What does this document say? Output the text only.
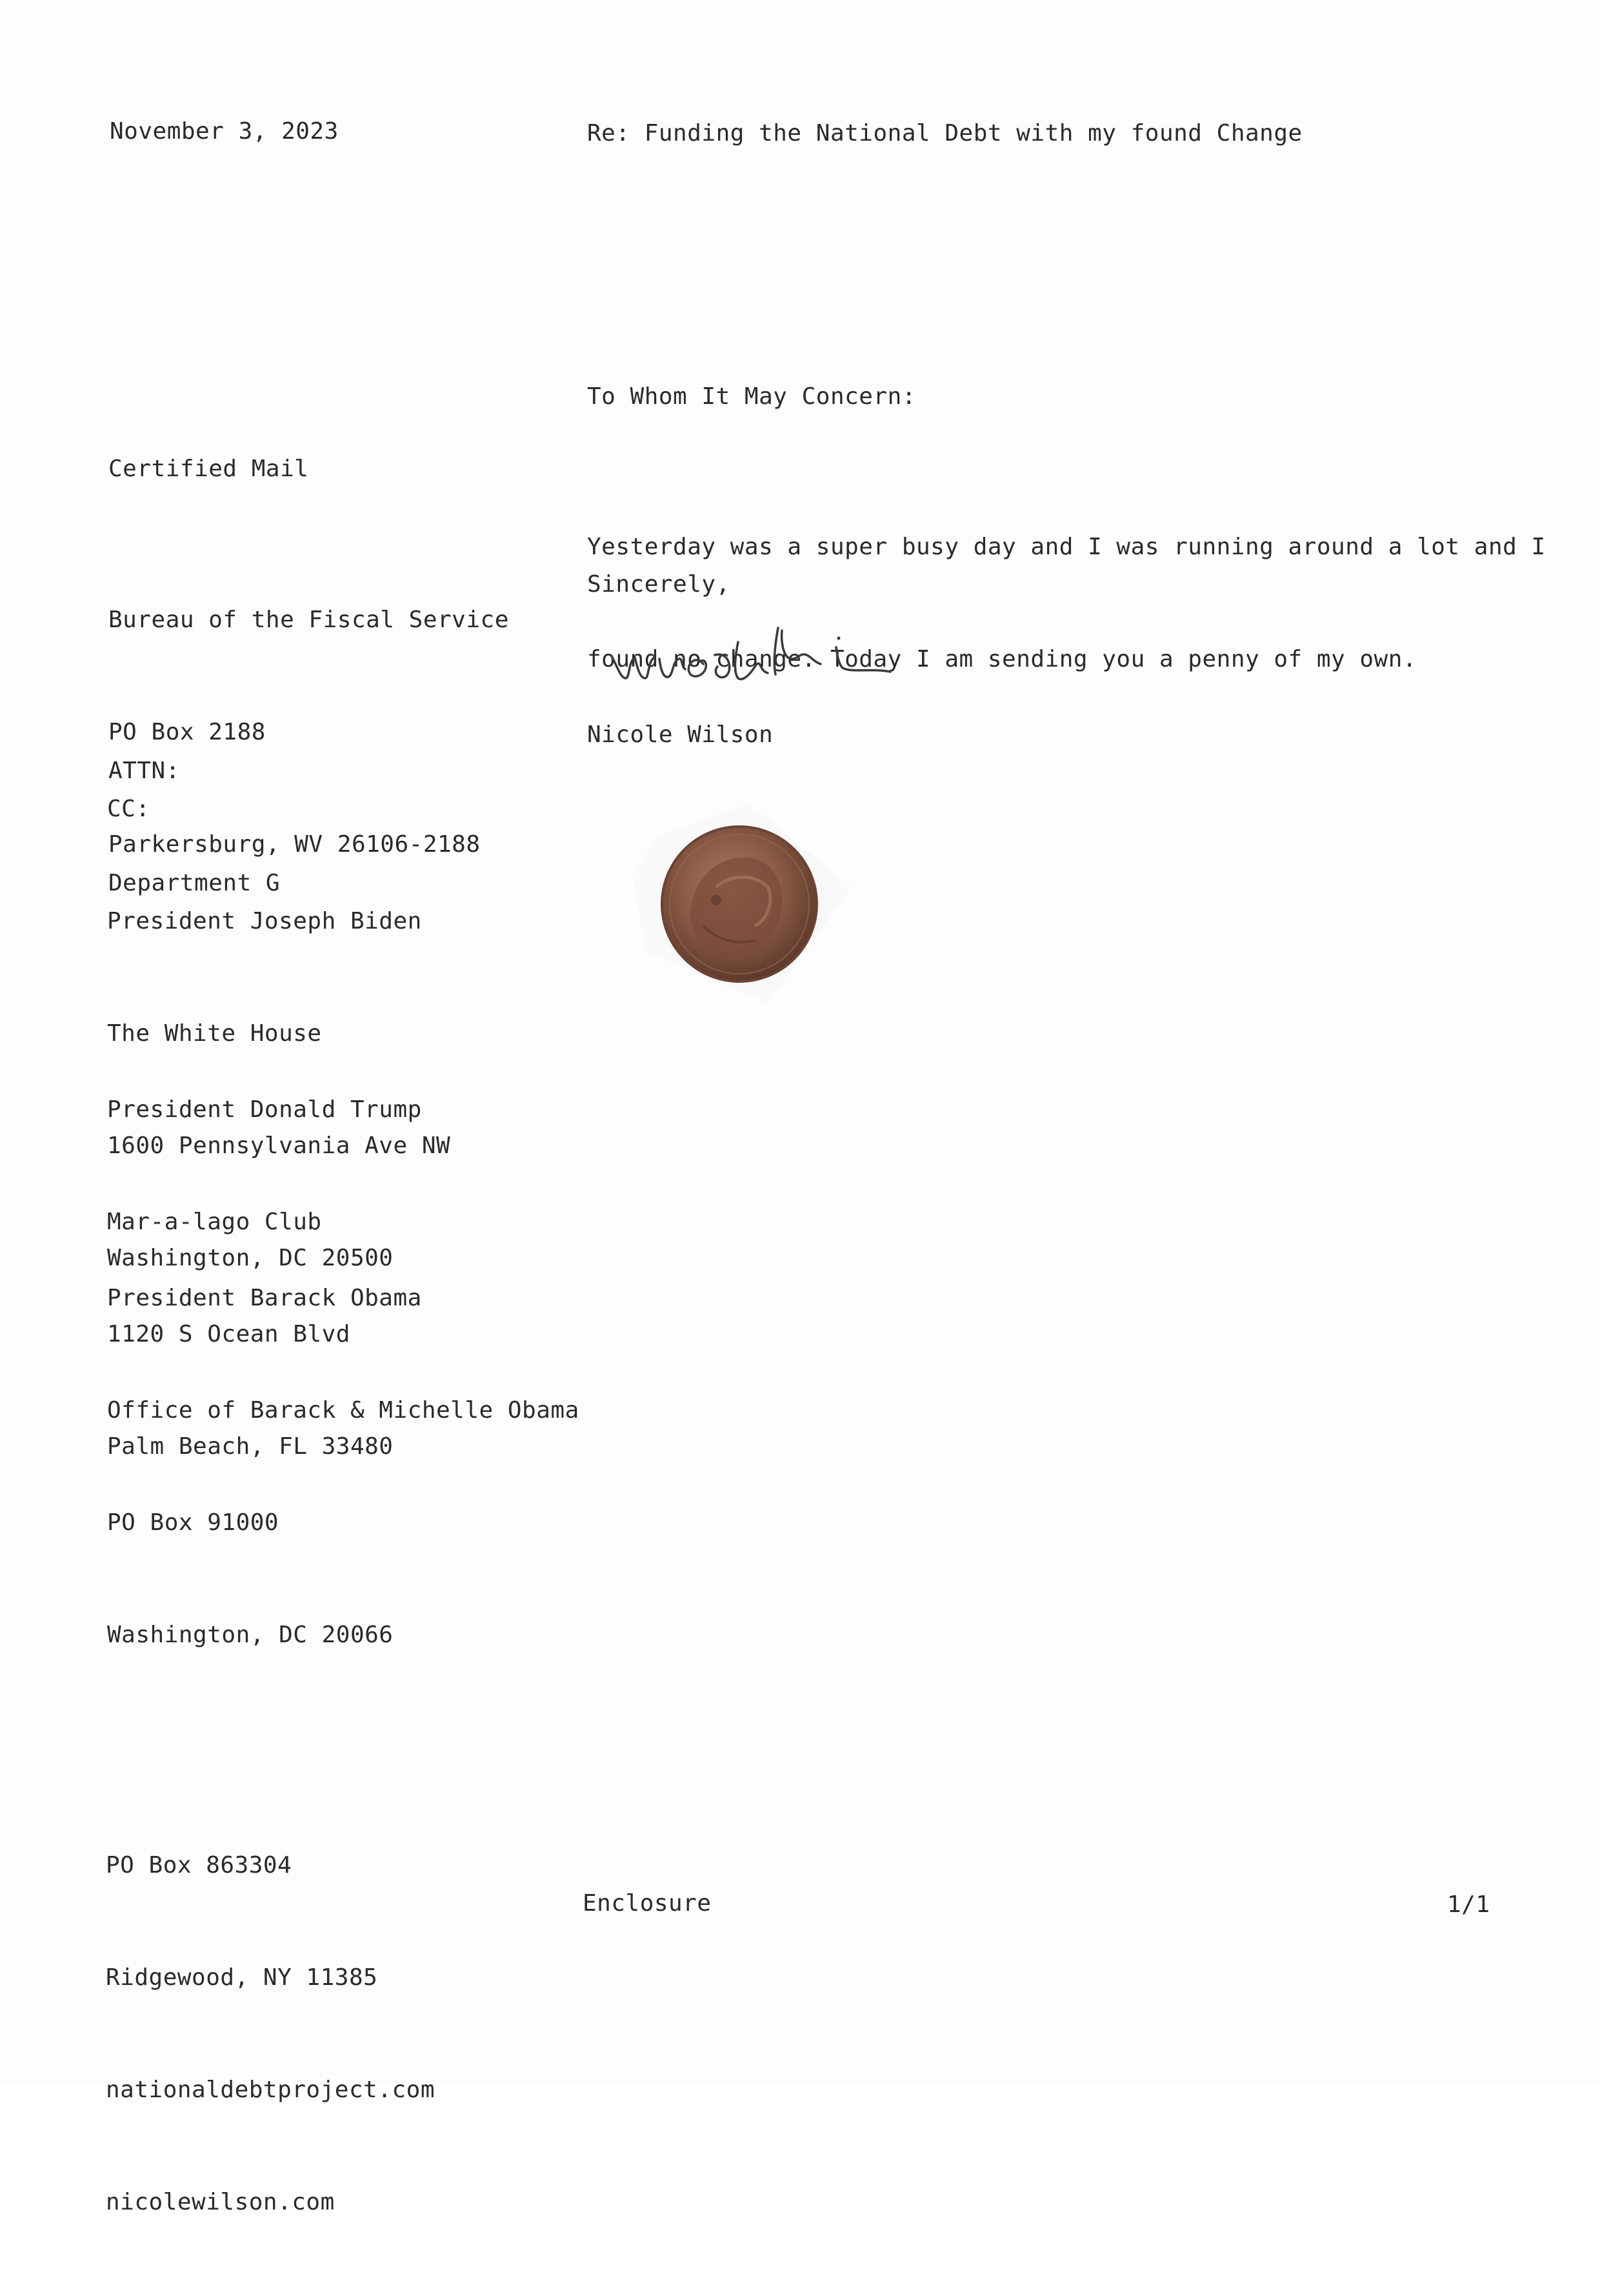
November 3, 2023	Re: Funding the National Debt with my found Change
To Whom It May Concern:

Yesterday was a super busy day and I was running around a lot and I

found no change. Today I am sending you a penny of my own.

Sincerely,
Nicole Wilson
Certified Mail

Bureau of the Fiscal Service

PO Box 2188

Parkersburg, WV 26106-2188

ATTN:

Department G

CC:

President Joseph Biden

The White House

1600 Pennsylvania Ave NW

Washington, DC 20500

President Donald Trump

Mar-a-lago Club

1120 S Ocean Blvd

Palm Beach, FL 33480

President Barack Obama

Office of Barack & Michelle Obama

PO Box 91000

Washington, DC 20066

PO Box 863304

Ridgewood, NY 11385

nationaldebtproject.com

nicolewilson.com

Enclosure	1/1
